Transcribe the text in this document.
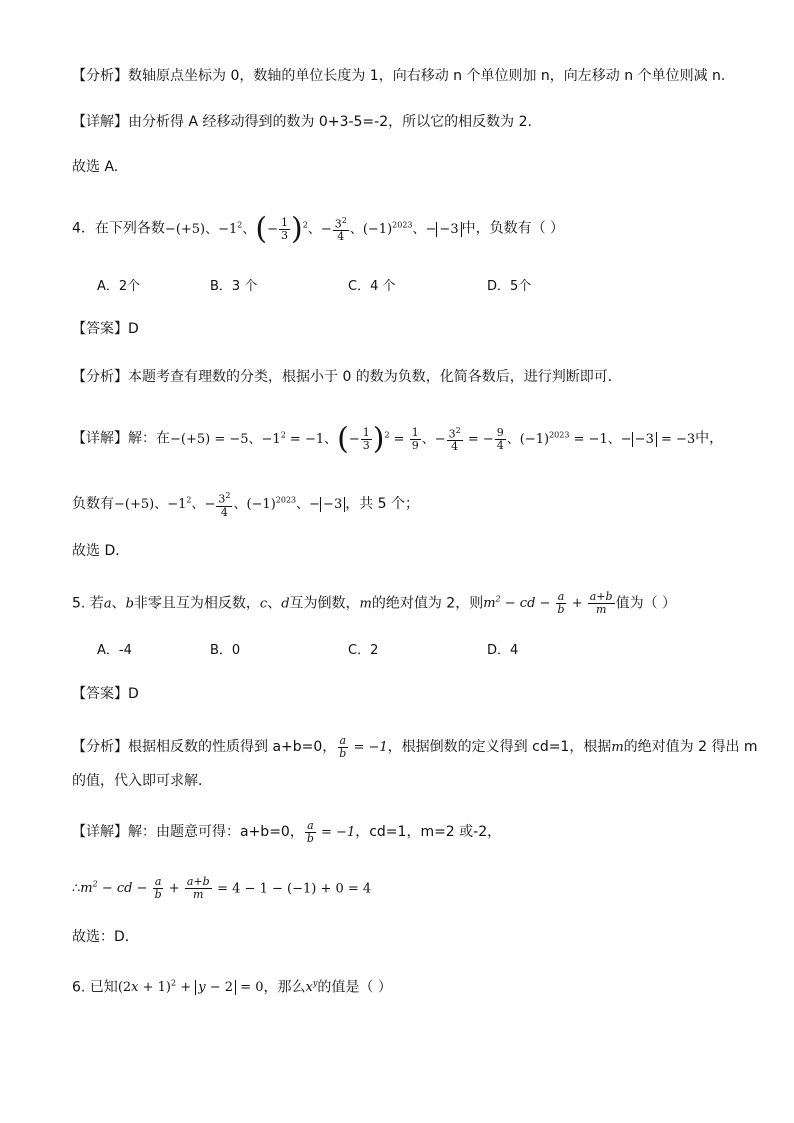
【分析】数轴原点坐标为 0，数轴的单位长度为 1，向右移动 n 个单位则加 n，向左移动 n 个单位则减 n.
【详解】由分析得 A 经移动得到的数为 0+3-5=-2，所以它的相反数为 2.
故选 A.
4．在下列各数−(+5)、$-1^2$、(− $\frac{1}{3} )^2$、− $\frac{3^2}{4}$ 、$(-1)^{2023}$、− −3 中，负数有（ ）
A．2个	B．3 个	C．4 个	D．5个
【答案】D
【分析】本题考查有理数的分类，根据小于 0 的数为负数，化简各数后，进行判断即可．
【详解】解：在−(+5) = −5、$-1^2 = -1$、(− $\frac{1}{3} )^2 = \frac{1}{9}$ 、− $\frac{3^2}{4}$ = − $\frac{9}{4}$ 、$(-1)^{2023} = -1$、− −3 = −3中，
负数有−(+5)、$-1^2$、− $\frac{3^2}{4}$ 、$(-1)^{2023}$、− −3 ，共 5 个；
故选 D．
5. 若a、b非零且互为相反数，c、d互为倒数，m的绝对值为 2，则$m^2$ − cd − $\frac{a}{b} + \frac{a+b}{m}$ 值为（ ）
A．-4	B．0	C．2	D．4
【答案】D
【分析】根据相反数的性质得到 a+b=0， $\frac{a}{b} = -1$，根据倒数的定义得到 cd=1，根据m的绝对值为 2 得出 m
的值，代入即可求解．
【详解】解：由题意可得：a+b=0， $\frac{a}{b} = -1$，cd=1，m=2 或-2，
$\therefore m^2$ − cd − $\frac{a}{b} + \frac{a+b}{m} = 4 - 1 - (-1) + 0 = 4$
故选：D．
6. 已知$(2x + 1)^2 + y - 2 = 0$，那么$x^y$的值是（ ）
